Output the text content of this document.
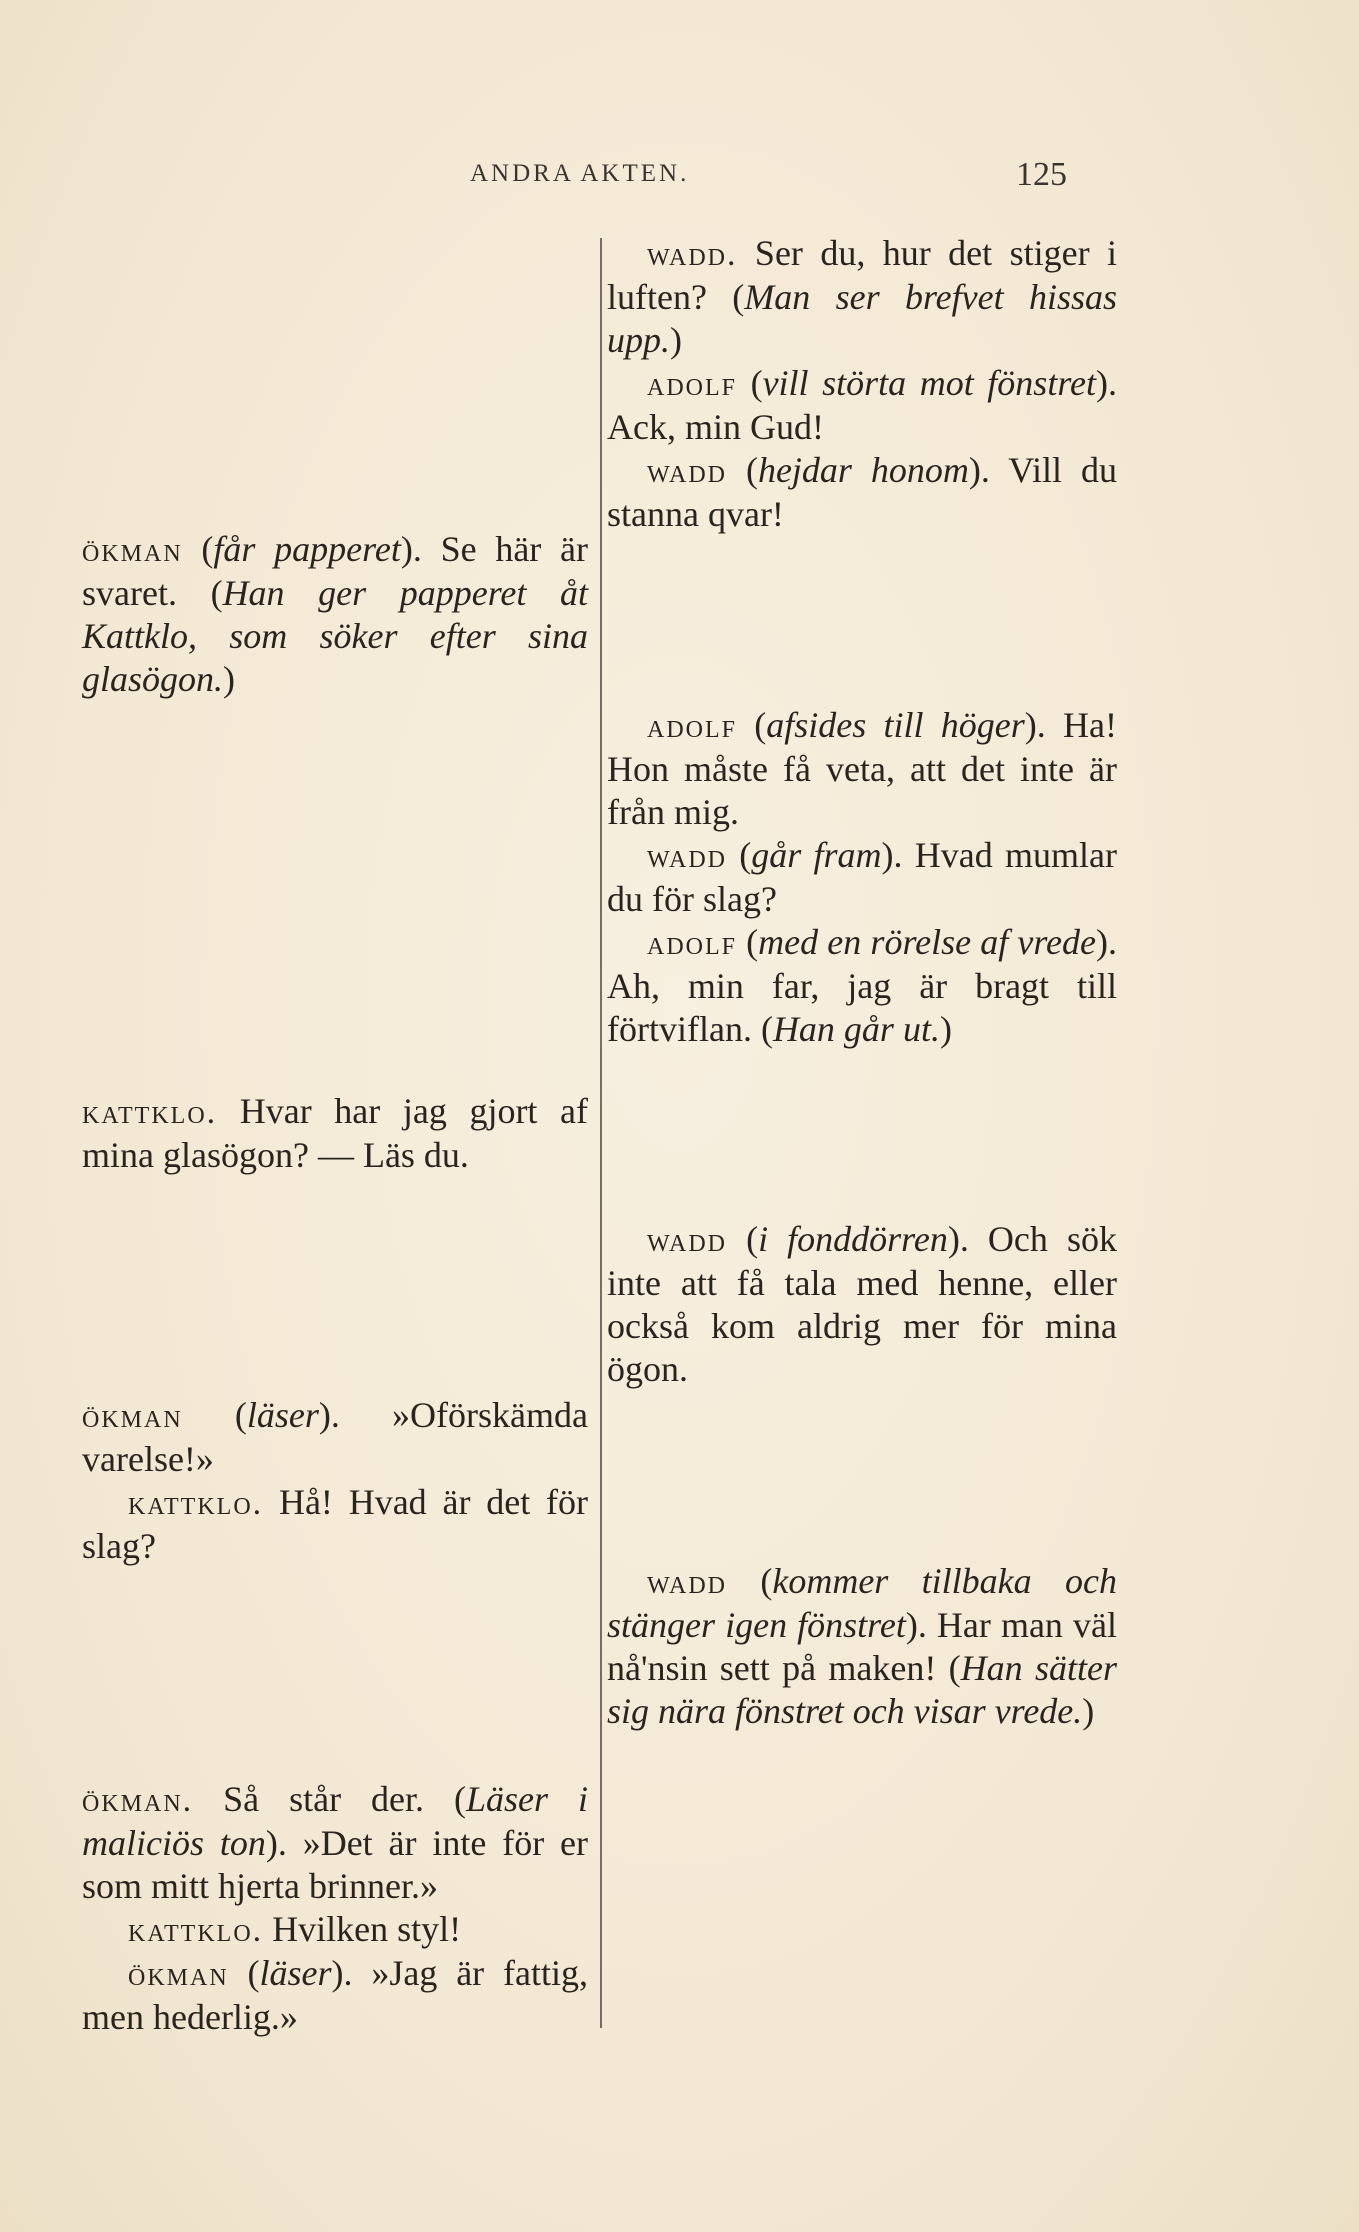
ANDRA AKTEN.	125
ökman (får papperet). Se här är svaret. (Han ger papperet åt Kattklo, som söker efter sina glasögon.)
kattklo. Hvar har jag gjort af mina glasögon? — Läs du.
ökman (läser). »Oförskämda varelse!»
kattklo. Hå! Hvad är det för slag?
ökman. Så står der. (Läser i maliciös ton). »Det är inte för er som mitt hjerta brinner.»
kattklo. Hvilken styl!
ökman (läser). »Jag är fattig, men hederlig.»
wadd. Ser du, hur det stiger i luften? (Man ser brefvet hissas upp.)
adolf (vill störta mot fönstret). Ack, min Gud!
wadd (hejdar honom). Vill du stanna qvar!
adolf (afsides till höger). Ha! Hon måste få veta, att det inte är från mig.
wadd (går fram). Hvad mumlar du för slag?
adolf (med en rörelse af vrede). Ah, min far, jag är bragt till förtviflan. (Han går ut.)
wadd (i fonddörren). Och sök inte att få tala med henne, eller också kom aldrig mer för mina ögon.
wadd (kommer tillbaka och stänger igen fönstret). Har man väl nå'nsin sett på maken! (Han sätter sig nära fönstret och visar vrede.)
